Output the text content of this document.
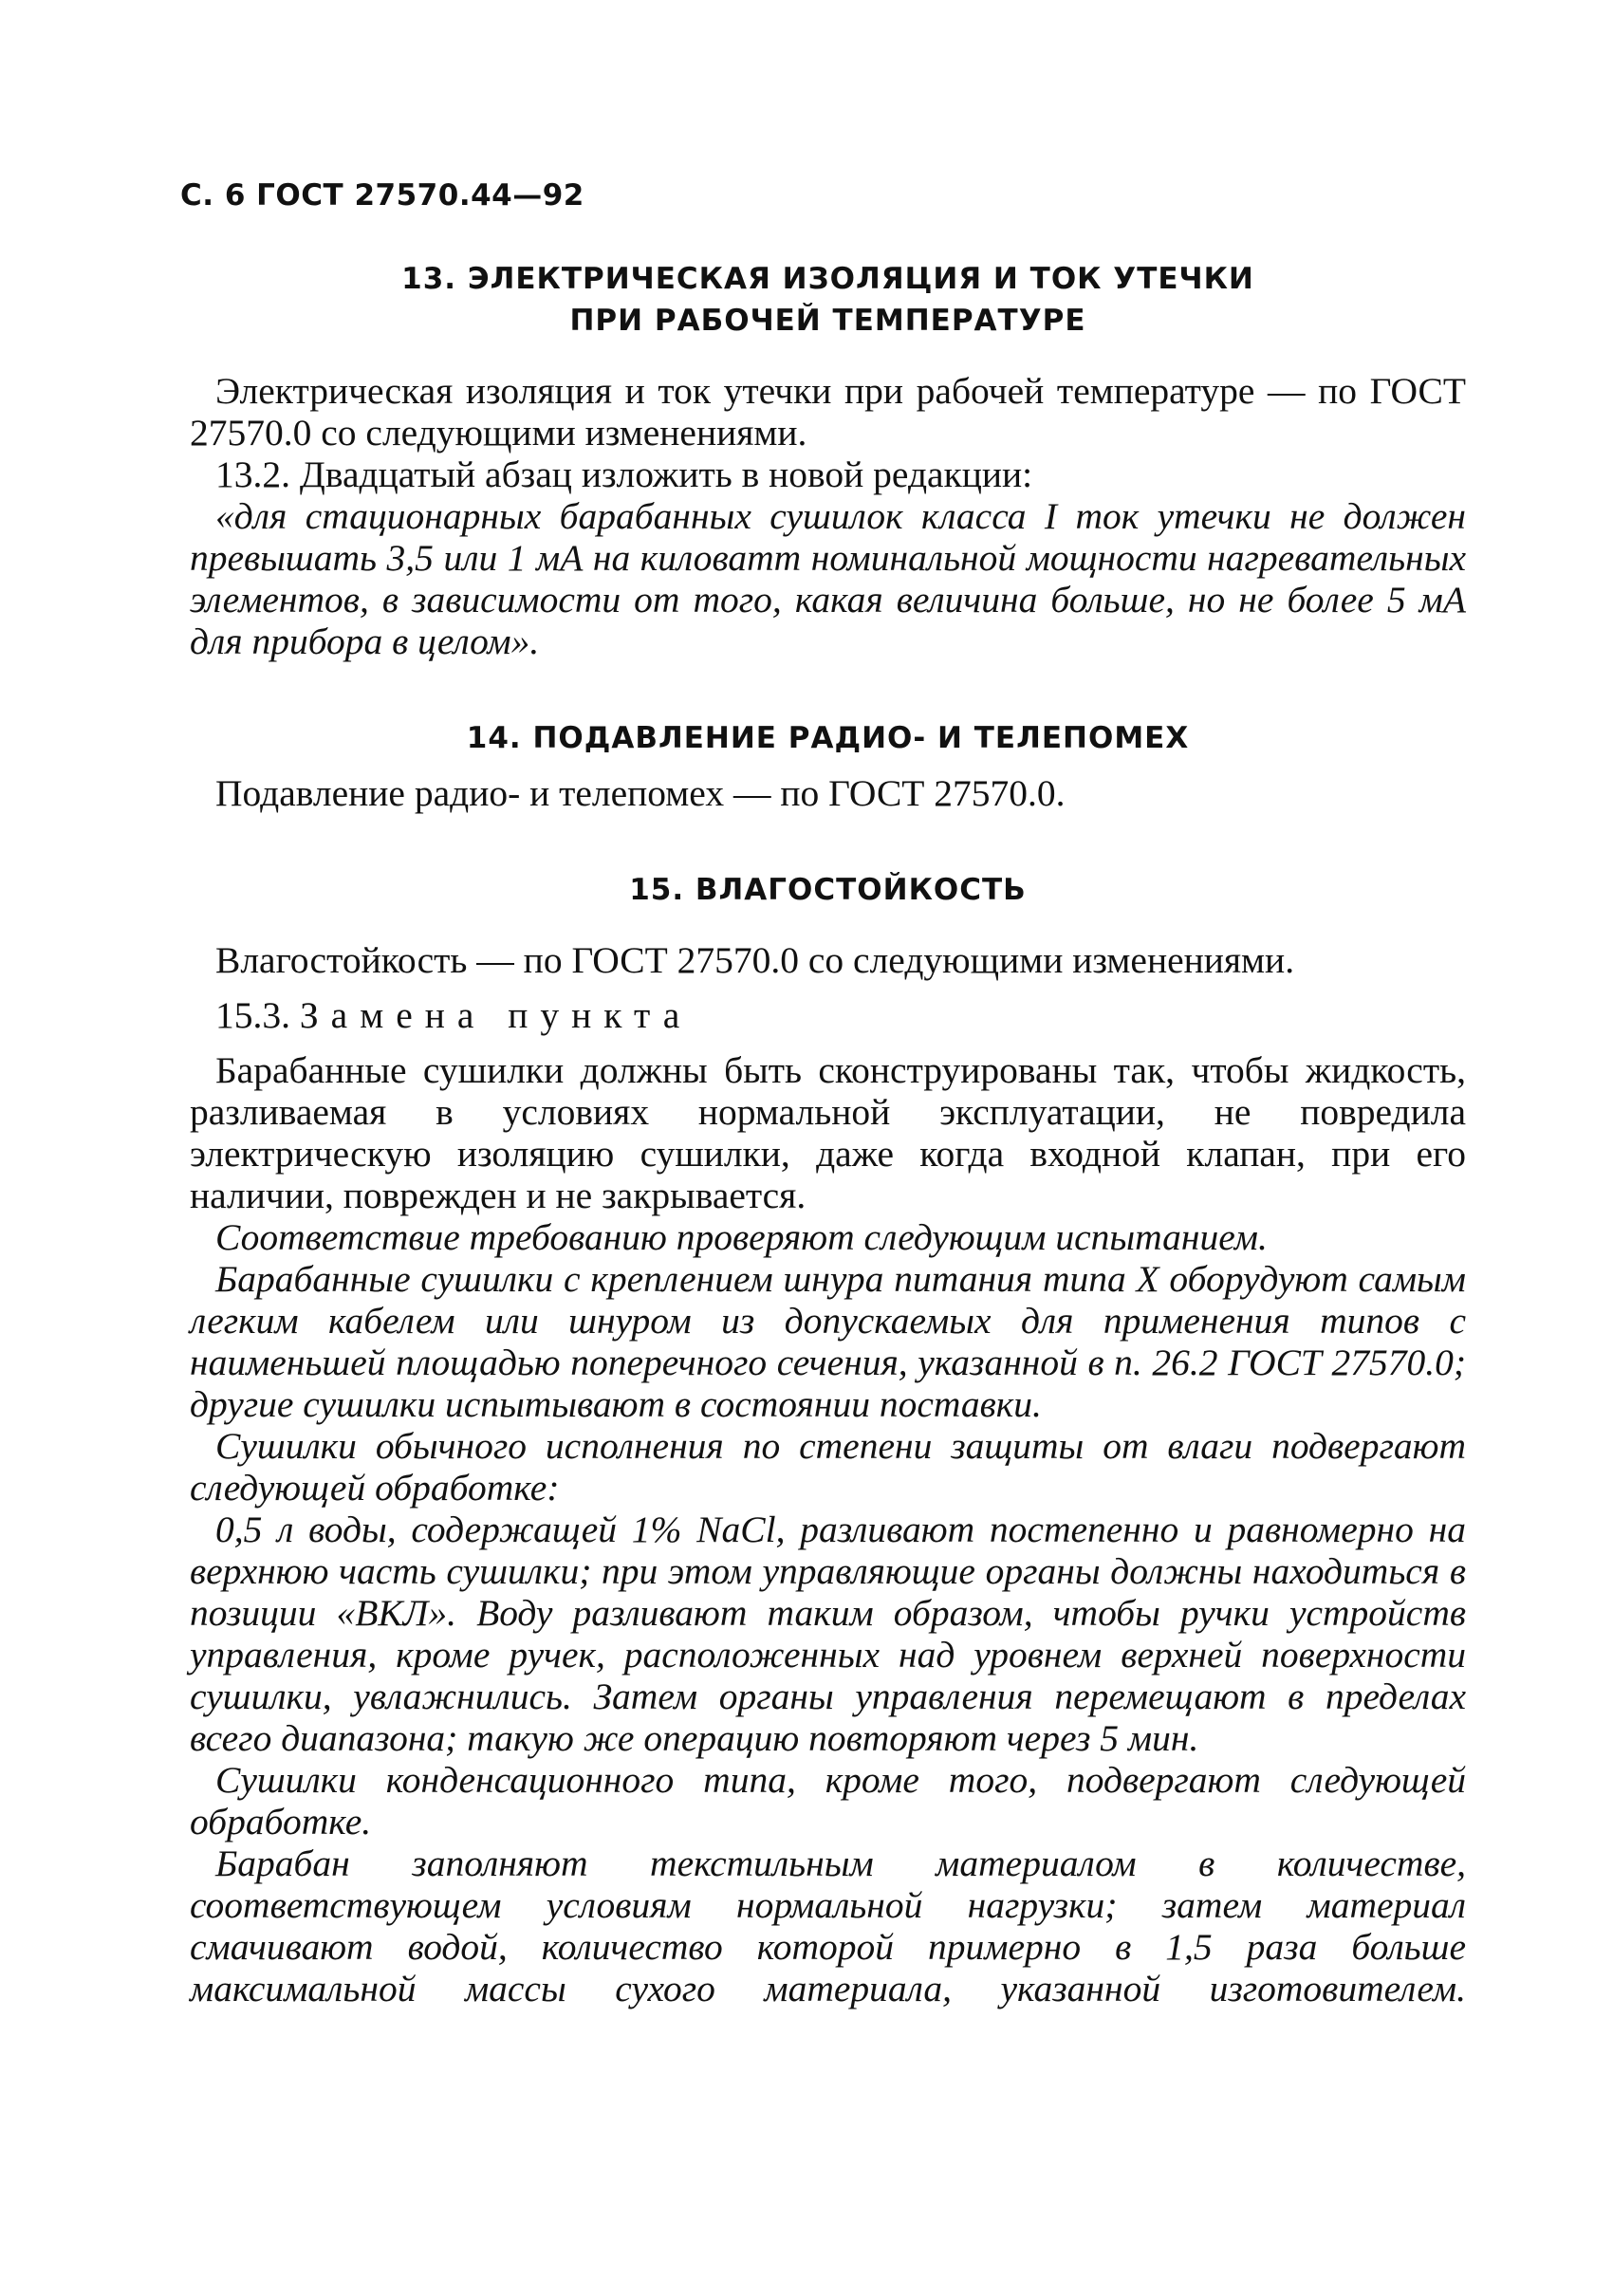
С. 6 ГОСТ 27570.44—92
13. ЭЛЕКТРИЧЕСКАЯ ИЗОЛЯЦИЯ И ТОК УТЕЧКИ
ПРИ РАБОЧЕЙ ТЕМПЕРАТУРЕ

Электрическая изоляция и ток утечки при рабочей температуре — по ГОСТ 27570.0 со следующими изменениями.

13.2. Двадцатый абзац изложить в новой редакции:

«для стационарных барабанных сушилок класса I ток утечки не должен превышать 3,5 или 1 мА на киловатт номинальной мощности нагревательных элементов, в зависимости от того, какая величина больше, но не более 5 мА для прибора в целом».

14. ПОДАВЛЕНИЕ РАДИО- И ТЕЛЕПОМЕХ

Подавление радио- и телепомех — по ГОСТ 27570.0.

15. ВЛАГОСТОЙКОСТЬ

Влагостойкость — по ГОСТ 27570.0 со следующими изменениями.

15.3. Замена пункта

Барабанные сушилки должны быть сконструированы так, чтобы жидкость, разливаемая в условиях нормальной эксплуатации, не повредила электрическую изоляцию сушилки, даже когда входной клапан, при его наличии, поврежден и не закрывается.

Соответствие требованию проверяют следующим испытанием.

Барабанные сушилки с креплением шнура питания типа X оборудуют самым легким кабелем или шнуром из допускаемых для применения типов с наименьшей площадью поперечного сечения, указанной в п. 26.2 ГОСТ 27570.0; другие сушилки испытывают в состоянии поставки.

Сушилки обычного исполнения по степени защиты от влаги подвергают следующей обработке:

0,5 л воды, содержащей 1% NaCl, разливают постепенно и равномерно на верхнюю часть сушилки; при этом управляющие органы должны находиться в позиции «ВКЛ». Воду разливают таким образом, чтобы ручки устройств управления, кроме ручек, расположенных над уровнем верхней поверхности сушилки, увлажнились. Затем органы управления перемещают в пределах всего диапазона; такую же операцию повторяют через 5 мин.

Сушилки конденсационного типа, кроме того, подвергают следующей обработке.

Барабан заполняют текстильным материалом в количестве, соответствующем условиям нормальной нагрузки; затем материал смачивают водой, количество которой примерно в 1,5 раза больше максимальной массы сухого материала, указанной изготовителем.
